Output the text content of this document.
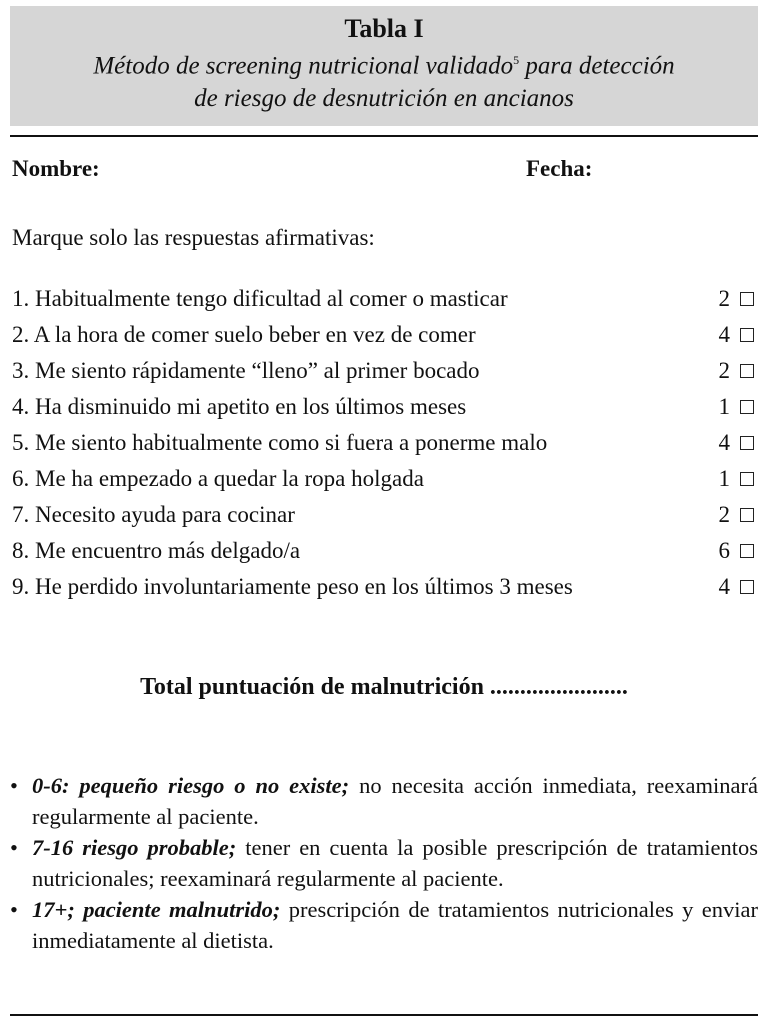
Tabla I
Método de screening nutricional validado$^5$ para detección
de riesgo de desnutrición en ancianos
Nombre:	Fecha:
Marque solo las respuestas afirmativas:
1. Habitualmente tengo dificultad al comer o masticar	2
2. A la hora de comer suelo beber en vez de comer	4
3. Me siento rápidamente “lleno” al primer bocado	2
4. Ha disminuido mi apetito en los últimos meses	1
5. Me siento habitualmente como si fuera a ponerme malo	4
6. Me ha empezado a quedar la ropa holgada	1
7. Necesito ayuda para cocinar	2
8. Me encuentro más delgado/a	6
9. He perdido involuntariamente peso en los últimos 3 meses	4
Total puntuación de malnutrición .......................
• 0-6: pequeño riesgo o no existe; no necesita acción inmediata, reexaminará regularmente al paciente.
• 7-16 riesgo probable; tener en cuenta la posible prescripción de tratamientos nutricionales; reexaminará regularmente al paciente.
• 17+; paciente malnutrido; prescripción de tratamientos nutricionales y enviar inmediatamente al dietista.
